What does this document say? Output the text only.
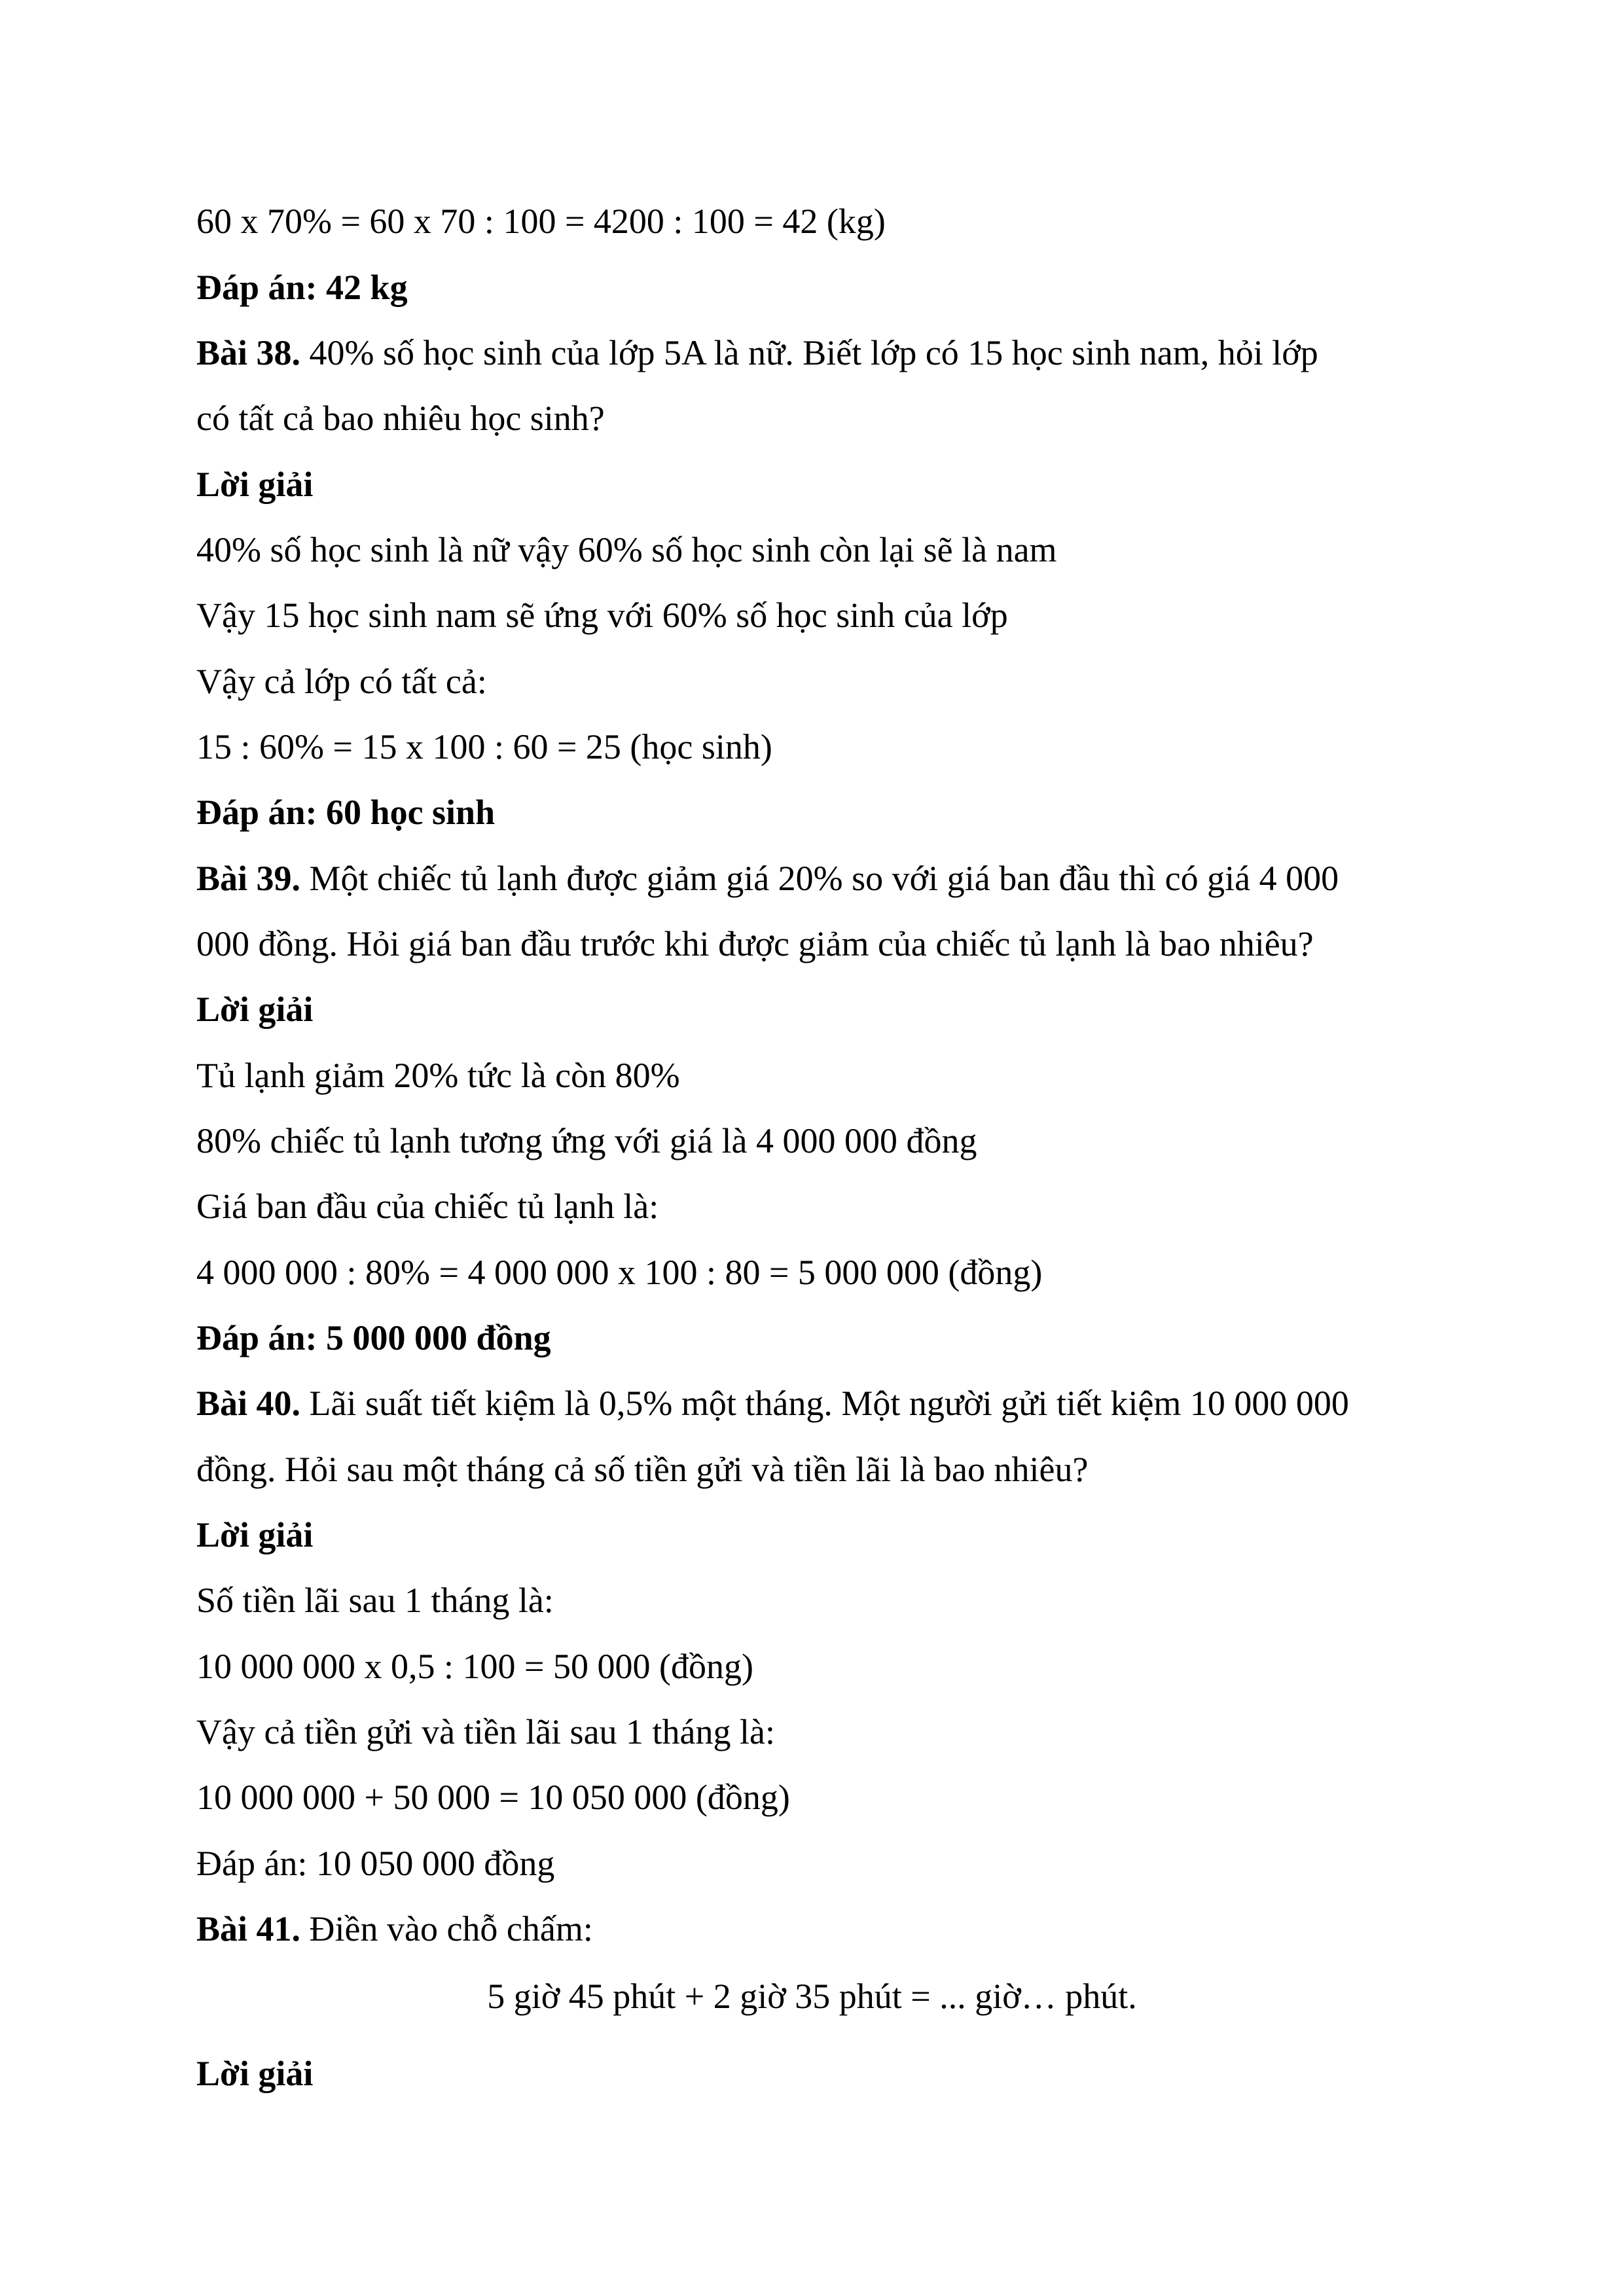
60 x 70% = 60 x 70 : 100 = 4200 : 100 = 42 (kg)
Đáp án: 42 kg
Bài 38. 40% số học sinh của lớp 5A là nữ. Biết lớp có 15 học sinh nam, hỏi lớp
có tất cả bao nhiêu học sinh?
Lời giải
40% số học sinh là nữ vậy 60% số học sinh còn lại sẽ là nam
Vậy 15 học sinh nam sẽ ứng với 60% số học sinh của lớp
Vậy cả lớp có tất cả:
15 : 60% = 15 x 100 : 60 = 25 (học sinh)
Đáp án: 60 học sinh
Bài 39. Một chiếc tủ lạnh được giảm giá 20% so với giá ban đầu thì có giá 4 000
000 đồng. Hỏi giá ban đầu trước khi được giảm của chiếc tủ lạnh là bao nhiêu?
Lời giải
Tủ lạnh giảm 20% tức là còn 80%
80% chiếc tủ lạnh tương ứng với giá là 4 000 000 đồng
Giá ban đầu của chiếc tủ lạnh là:
4 000 000 : 80% = 4 000 000 x 100 : 80 = 5 000 000 (đồng)
Đáp án: 5 000 000 đồng
Bài 40. Lãi suất tiết kiệm là 0,5% một tháng. Một người gửi tiết kiệm 10 000 000
đồng. Hỏi sau một tháng cả số tiền gửi và tiền lãi là bao nhiêu?
Lời giải
Số tiền lãi sau 1 tháng là:
10 000 000 x 0,5 : 100 = 50 000 (đồng)
Vậy cả tiền gửi và tiền lãi sau 1 tháng là:
10 000 000 + 50 000 = 10 050 000 (đồng)
Đáp án: 10 050 000 đồng
Bài 41. Điền vào chỗ chấm:
5 giờ 45 phút + 2 giờ 35 phút = ... giờ… phút.
Lời giải
